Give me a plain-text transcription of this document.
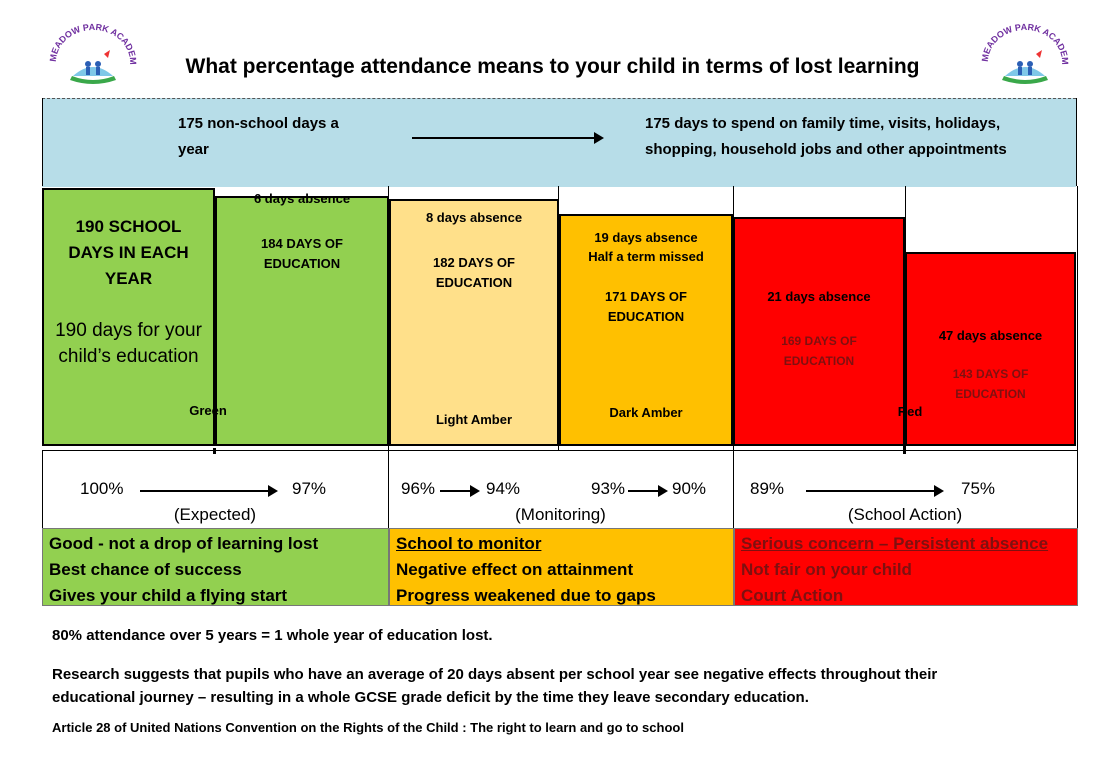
MEADOW PARK ACADEM	MEADOW PARK ACADEM
What percentage attendance means to your child in terms of lost learning
175 non-school days a
year
175 days to spend on family time, visits, holidays,
shopping, household jobs and other appointments
190 SCHOOL
DAYS IN EACH
YEAR
190 days for your
child’s education
6 days absence
8 days absence
19 days absence
Half a term missed
21 days absence
47 days absence
184 DAYS OF
EDUCATION	182 DAYS OF
EDUCATION
171 DAYS OF
EDUCATION
169 DAYS OF
EDUCATION
143 DAYS OF
EDUCATION
Green
Light Amber	Dark Amber	Red
100%	97%	96%	94%	93%	90%	89%	75%
(Expected)	(Monitoring)	(School Action)
Good - not a drop of learning lost
Best chance of success
Gives your child a flying start
School to monitor
Negative effect on attainment
Progress weakened due to gaps
Serious concern – Persistent absence
Not fair on your child
Court Action
80% attendance over 5 years = 1 whole year of education lost.
Research suggests that pupils who have an average of 20 days absent per school year see negative effects throughout their
educational journey – resulting in a whole GCSE grade deficit by the time they leave secondary education.
Article 28 of United Nations Convention on the Rights of the Child : The right to learn and go to school
